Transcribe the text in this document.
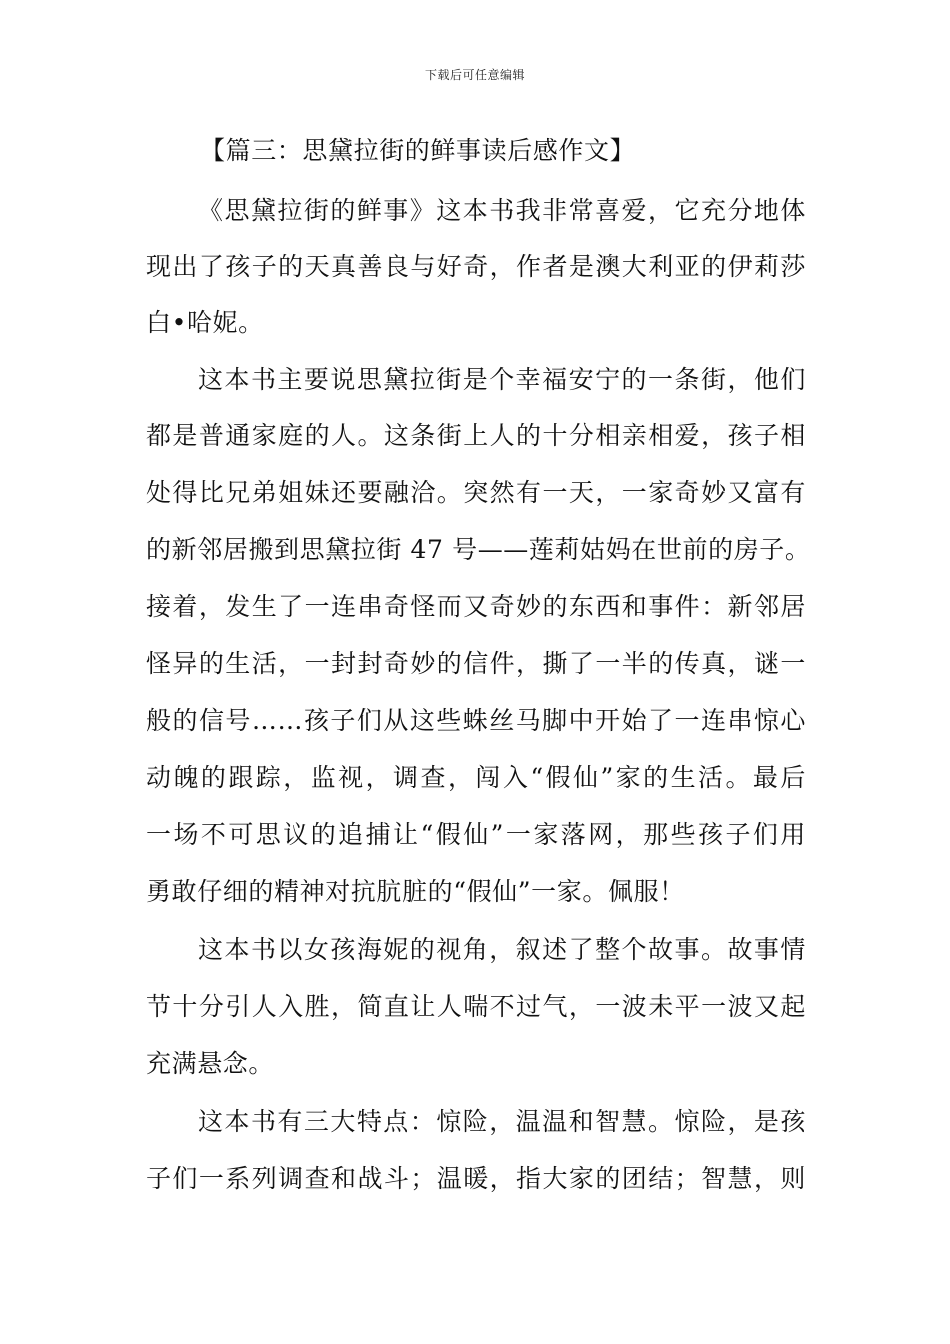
下载后可任意编辑
【篇三：思黛拉街的鲜事读后感作文】
《思黛拉街的鲜事》这本书我非常喜爱，它充分地体
现出了孩子的天真善良与好奇，作者是澳大利亚的伊莉莎
白•哈妮。
这本书主要说思黛拉街是个幸福安宁的一条街，他们
都是普通家庭的人。这条街上人的十分相亲相爱，孩子相
处得比兄弟姐妹还要融洽。突然有一天，一家奇妙又富有
的新邻居搬到思黛拉街 47 号——莲莉姑妈在世前的房子。
接着，发生了一连串奇怪而又奇妙的东西和事件：新邻居
怪异的生活，一封封奇妙的信件，撕了一半的传真，谜一
般的信号……孩子们从这些蛛丝马脚中开始了一连串惊心
动魄的跟踪，监视，调查，闯入“假仙”家的生活。最后
一场不可思议的追捕让“假仙”一家落网，那些孩子们用
勇敢仔细的精神对抗肮脏的“假仙”一家。佩服！
这本书以女孩海妮的视角，叙述了整个故事。故事情
节十分引人入胜，简直让人喘不过气，一波未平一波又起
充满悬念。
这本书有三大特点：惊险，温温和智慧。惊险，是孩
子们一系列调查和战斗；温暖，指大家的团结；智慧，则
